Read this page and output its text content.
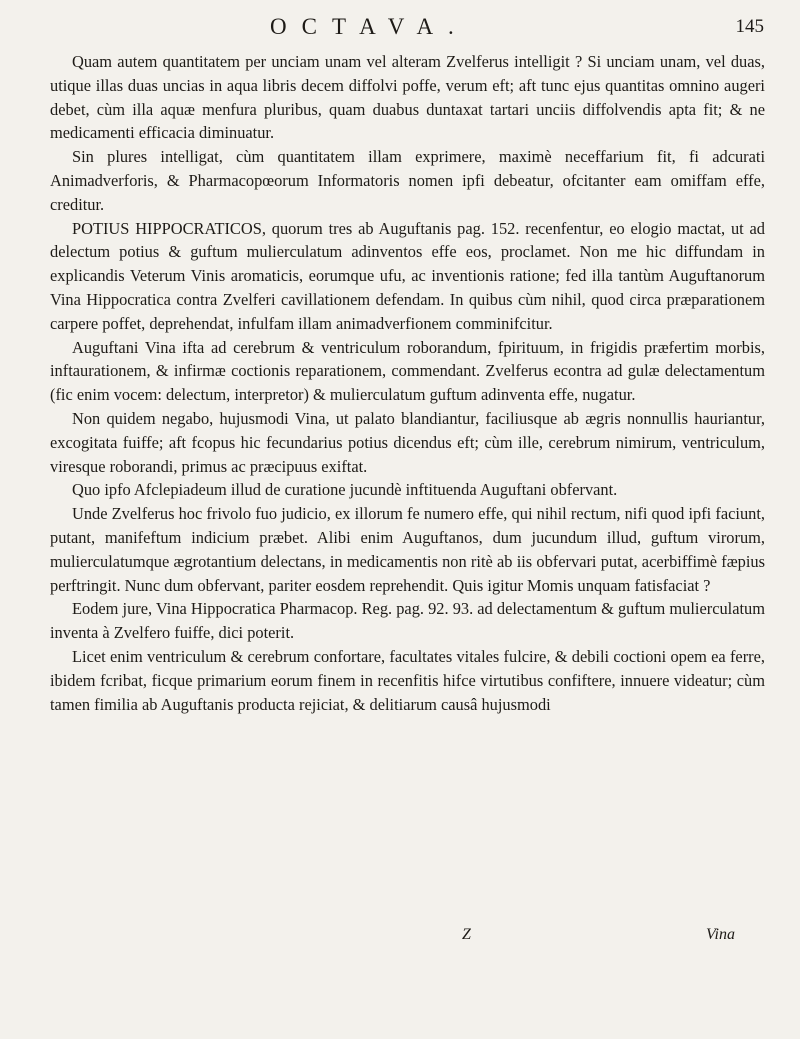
OCTAVA.	145

Quam autem quantitatem per unciam unam vel alteram Zvelferus intelligit ? Si unciam unam, vel duas, utique illas duas uncias in aqua libris decem diffolvi poffe, verum eft; aft tunc ejus quantitas omnino augeri debet, cùm illa aquæ menfura pluribus, quam duabus duntaxat tartari unciis diffolvendis apta fit; & ne medicamenti efficacia diminuatur.

Sin plures intelligat, cùm quantitatem illam exprimere, maximè neceffarium fit, fi adcurati Animadverforis, & Pharmacopœorum Informatoris nomen ipfi debeatur, ofcitanter eam omiffam effe, creditur.

POTIUS HIPPOCRATICOS, quorum tres ab Auguftanis pag. 152. recenfentur, eo elogio mactat, ut ad delectum potius & guftum mulierculatum adinventos effe eos, proclamet. Non me hic diffundam in explicandis Veterum Vinis aromaticis, eorumque ufu, ac inventionis ratione; fed illa tantùm Auguftanorum Vina Hippocratica contra Zvelferi cavillationem defendam. In quibus cùm nihil, quod circa præparationem carpere poffet, deprehendat, infulfam illam animadverfionem comminifcitur.

Auguftani Vina ifta ad cerebrum & ventriculum roborandum, fpirituum, in frigidis præfertim morbis, inftaurationem, & infirmæ coctionis reparationem, commendant. Zvelferus econtra ad gulæ delectamentum (fic enim vocem: delectum, interpretor) & mulierculatum guftum adinventa effe, nugatur.

Non quidem negabo, hujusmodi Vina, ut palato blandiantur, faciliusque ab ægris nonnullis hauriantur, excogitata fuiffe; aft fcopus hic fecundarius potius dicendus eft; cùm ille, cerebrum nimirum, ventriculum, viresque roborandi, primus ac præcipuus exiftat.

Quo ipfo Afclepiadeum illud de curatione jucundè inftituenda Auguftani obfervant.

Unde Zvelferus hoc frivolo fuo judicio, ex illorum fe numero effe, qui nihil rectum, nifi quod ipfi faciunt, putant, manifeftum indicium præbet. Alibi enim Auguftanos, dum jucundum illud, guftum virorum, mulierculatumque ægrotantium delectans, in medicamentis non ritè ab iis obfervari putat, acerbiffimè fæpius perftringit. Nunc dum obfervant, pariter eosdem reprehendit. Quis igitur Momis unquam fatisfaciat ?

Eodem jure, Vina Hippocratica Pharmacop. Reg. pag. 92. 93. ad delectamentum & guftum mulierculatum inventa à Zvelfero fuiffe, dici poterit.

Licet enim ventriculum & cerebrum confortare, facultates vitales fulcire, & debili coctioni opem ea ferre, ibidem fcribat, ficque primarium eorum finem in recenfitis hifce virtutibus confiftere, innuere videatur; cùm tamen fimilia ab Auguftanis producta rejiciat, & delitiarum causâ hujusmodi

Z	Vina
